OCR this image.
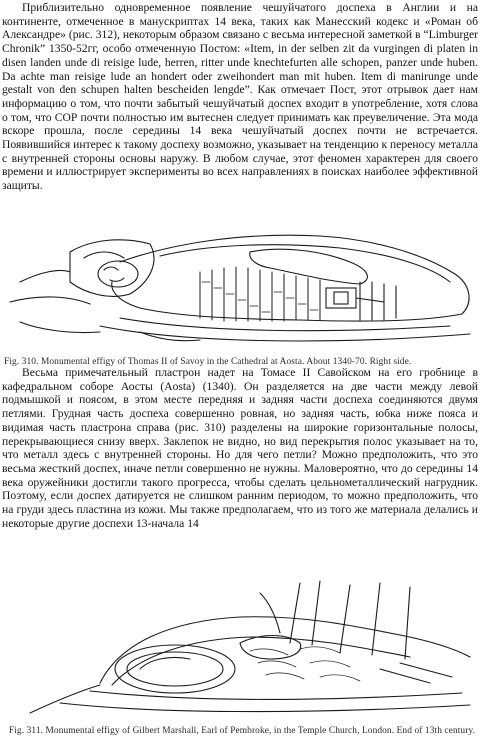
Приблизительно одновременное появление чешуйчатого доспеха в Англии и на континенте, отмеченное в манускриптах 14 века, таких как Манесский кодекс и «Роман об Александре» (рис. 312), некоторым образом связано с весьма интересной заметкой в “Limburger Chronik” 1350-52гг, особо отмеченную Постом: «Item, in der selben zit da vurgingen di platen in disen landen unde di reisige lude, herren, ritter unde knechtefurten alle schopen, panzer unde huben. Da achte man reisige lude an hondert oder zweihondert man mit huben. Item di manirunge unde gestalt von den schupen halten bescheiden lengde”. Как отмечает Пост, этот отрывок дает нам информацию о том, что почти забытый чешуйчатый доспех входит в употребление, хотя слова о том, что СОР почти полностью им вытеснен следует принимать как преувеличение. Эта мода вскоре прошла, после середины 14 века чешуйчатый доспех почти не встречается. Появившийся интерес к такому доспеху возможно, указывает на тенденцию к переносу металла с внутренней стороны основы наружу. В любом случае, этот феномен характерен для своего времени и иллюстрирует эксперименты во всех направлениях в поисках наиболее эффективной защиты.

Fig. 310. Monumental effigy of Thomas II of Savoy in the Cathedral at Aosta. About 1340-70. Right side.

Весьма примечательный пластрон надет на Томасе II Савойском на его гробнице в кафедральном соборе Аосты (Aosta) (1340). Он разделяется на две части между левой подмышкой и поясом, в этом месте передняя и задняя части доспеха соединяются двумя петлями. Грудная часть доспеха совершенно ровная, но задняя часть, юбка ниже пояса и видимая часть пластрона справа (рис. 310) разделены на широкие горизонтальные полосы, перекрывающиеся снизу вверх. Заклепок не видно, но вид перекрытия полос указывает на то, что металл здесь с внутренней стороны. Но для чего петли? Можно предположить, что это весьма жесткий доспех, иначе петли совершенно не нужны. Маловероятно, что до середины 14 века оружейники достигли такого прогресса, чтобы сделать цельнометаллический нагрудник. Поэтому, если доспех датируется не слишком ранним периодом, то можно предположить, что на груди здесь пластина из кожи. Мы также предполагаем, что из того же материала делались и некоторые другие доспехи 13-начала 14

Fig. 311. Monumental effigy of Gilbert Marshall, Earl of Pembroke, in the Temple Church, London. End of 13th century.
